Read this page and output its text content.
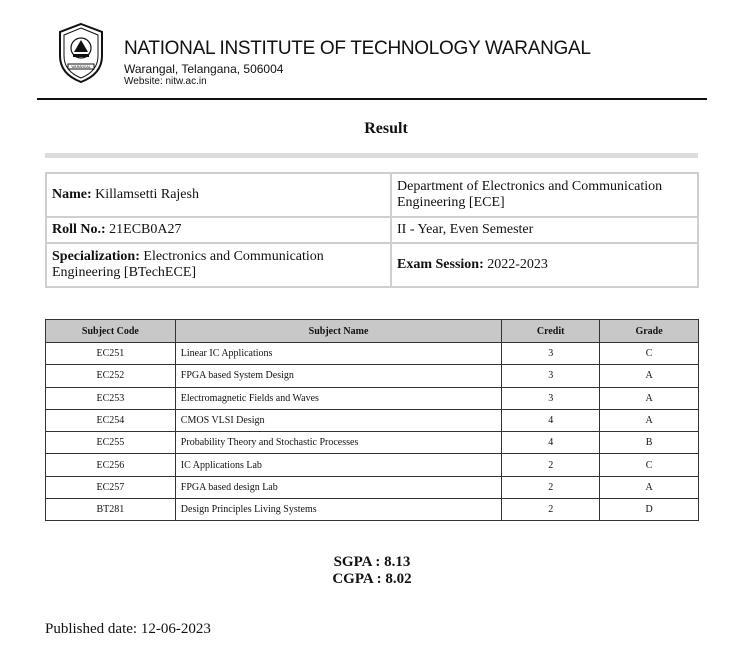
WARANGAL
NATIONAL INSTITUTE OF TECHNOLOGY WARANGAL
Warangal, Telangana, 506004
Website: nitw.ac.in
Result
Name: Killamsetti Rajesh	Department of Electronics and Communication Engineering [ECE]
Roll No.: 21ECB0A27	II - Year, Even Semester
Specialization: Electronics and Communication Engineering [BTechECE]	Exam Session: 2022-2023
Subject Code	Subject Name	Credit	Grade
EC251	Linear IC Applications	3	C
EC252	FPGA based System Design	3	A
EC253	Electromagnetic Fields and Waves	3	A
EC254	CMOS VLSI Design	4	A
EC255	Probability Theory and Stochastic Processes	4	B
EC256	IC Applications Lab	2	C
EC257	FPGA based design Lab	2	A
BT281	Design Principles Living Systems	2	D
SGPA : 8.13
CGPA : 8.02
Published date: 12-06-2023
